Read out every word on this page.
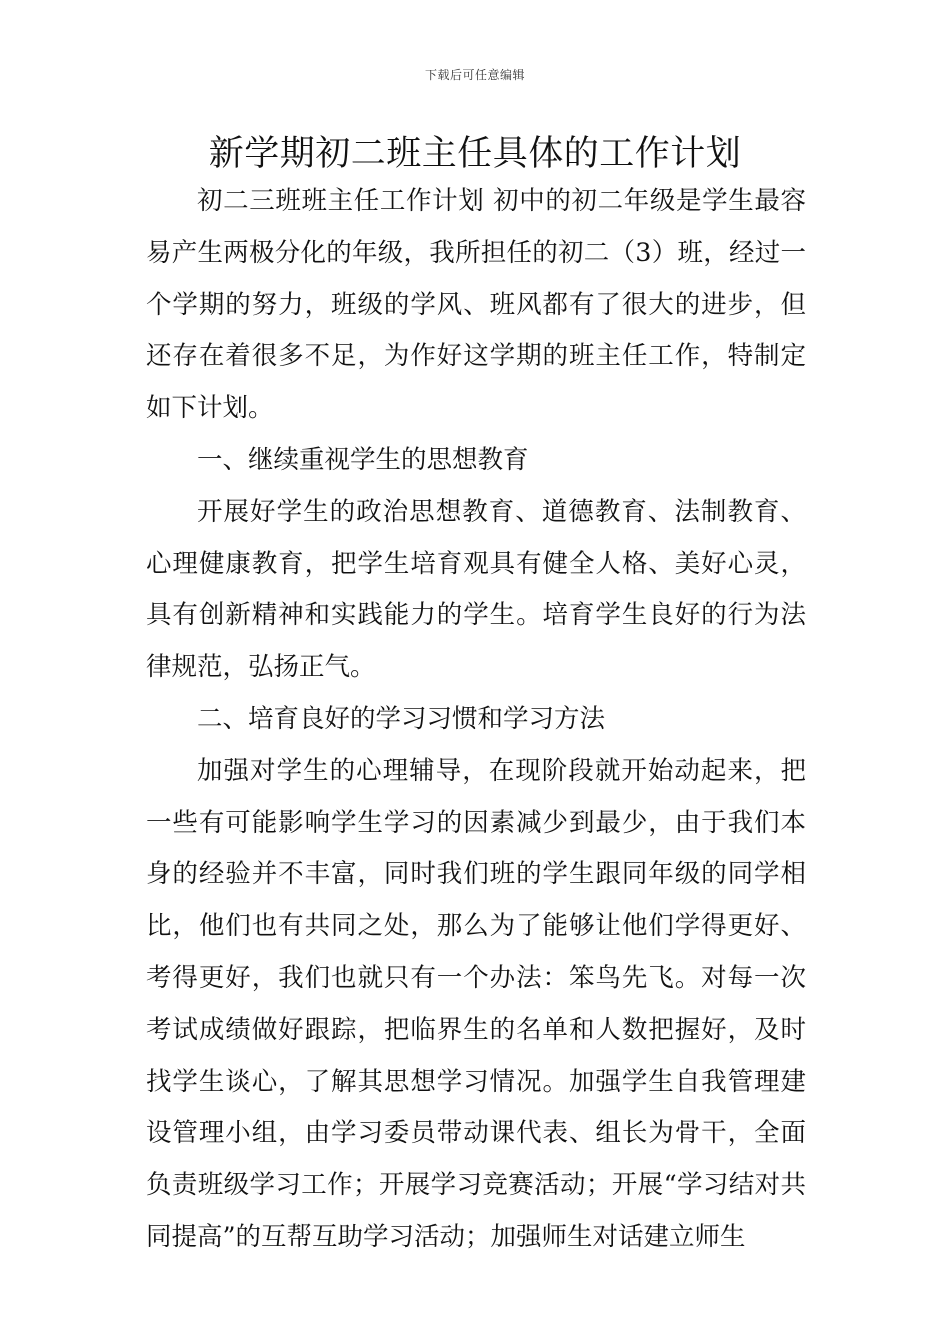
下载后可任意编辑
新学期初二班主任具体的工作计划

初二三班班主任工作计划 初中的初二年级是学生最容易产生两极分化的年级，我所担任的初二（3）班，经过一个学期的努力，班级的学风、班风都有了很大的进步，但还存在着很多不足，为作好这学期的班主任工作，特制定如下计划。

一、继续重视学生的思想教育

开展好学生的政治思想教育、道德教育、法制教育、心理健康教育，把学生培育观具有健全人格、美好心灵，具有创新精神和实践能力的学生。培育学生良好的行为法律规范，弘扬正气。

二、培育良好的学习习惯和学习方法

加强对学生的心理辅导，在现阶段就开始动起来，把一些有可能影响学生学习的因素减少到最少，由于我们本身的经验并不丰富，同时我们班的学生跟同年级的同学相比，他们也有共同之处，那么为了能够让他们学得更好、考得更好，我们也就只有一个办法：笨鸟先飞。对每一次考试成绩做好跟踪，把临界生的名单和人数把握好，及时找学生谈心，了解其思想学习情况。加强学生自我管理建设管理小组，由学习委员带动课代表、组长为骨干，全面负责班级学习工作；开展学习竞赛活动；开展“学习结对共同提高”的互帮互助学习活动；加强师生对话建立师生
